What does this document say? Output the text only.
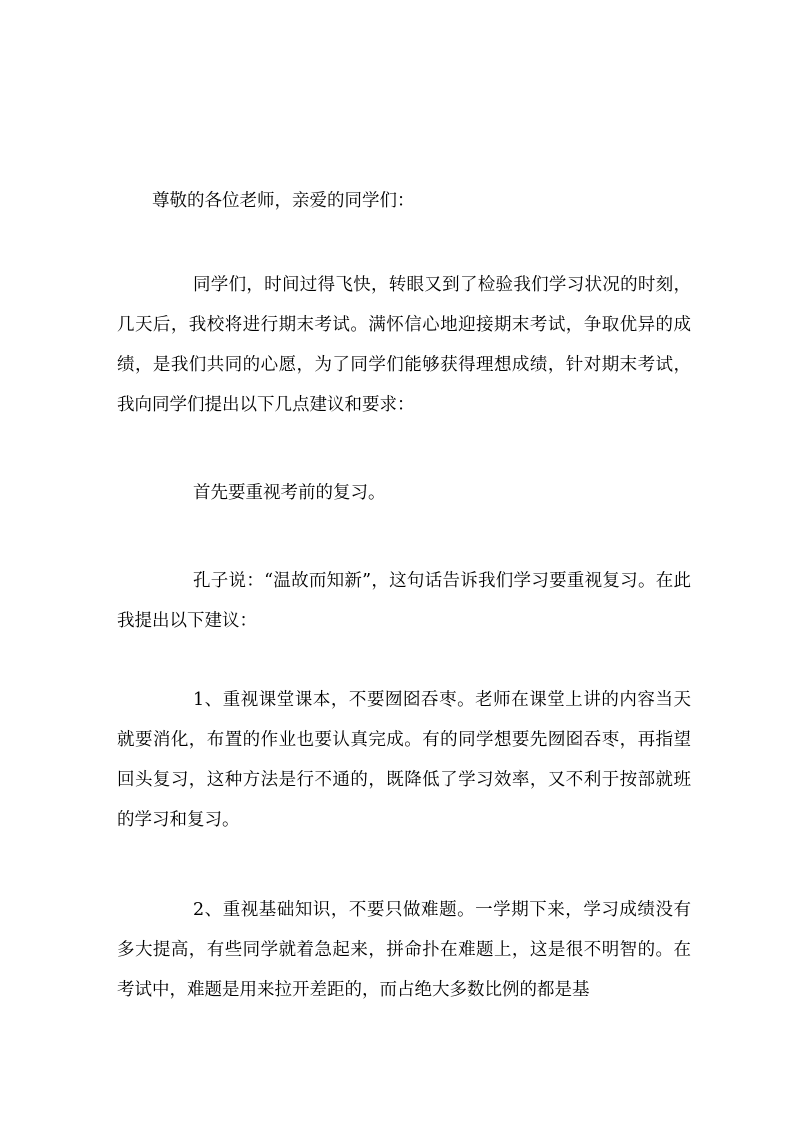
尊敬的各位老师，亲爱的同学们：

同学们，时间过得飞快，转眼又到了检验我们学习状况的时刻，几天后，我校将进行期末考试。满怀信心地迎接期末考试，争取优异的成绩，是我们共同的心愿，为了同学们能够获得理想成绩，针对期末考试，我向同学们提出以下几点建议和要求：

首先要重视考前的复习。

孔子说：“温故而知新”，这句话告诉我们学习要重视复习。在此我提出以下建议：

1、重视课堂课本，不要囫囵吞枣。老师在课堂上讲的内容当天就要消化，布置的作业也要认真完成。有的同学想要先囫囵吞枣，再指望回头复习，这种方法是行不通的，既降低了学习效率，又不利于按部就班的学习和复习。

2、重视基础知识，不要只做难题。一学期下来，学习成绩没有多大提高，有些同学就着急起来，拼命扑在难题上，这是很不明智的。在考试中，难题是用来拉开差距的，而占绝大多数比例的都是基
